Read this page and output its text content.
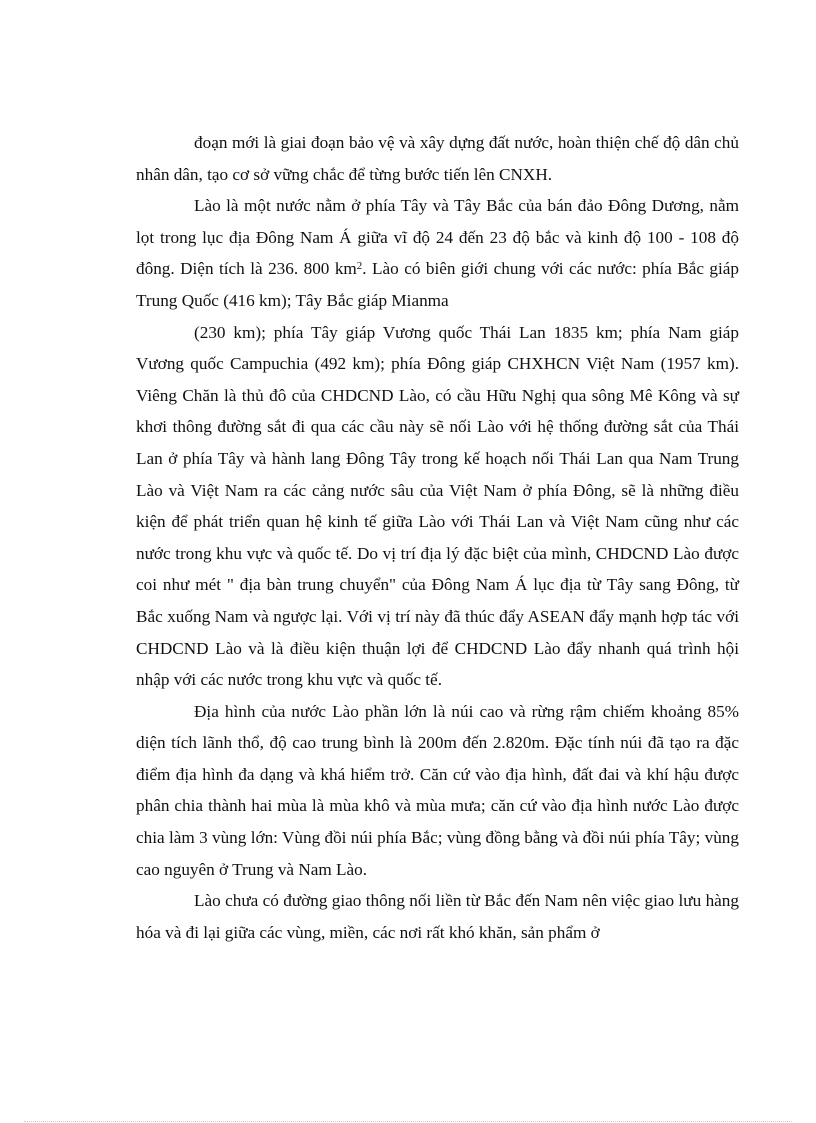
đoạn mới là giai đoạn bảo vệ và xây dựng đất nước, hoàn thiện chế độ dân chủ nhân dân, tạo cơ sở vững chắc để từng bước tiến lên CNXH.

Lào là một nước nằm ở phía Tây và Tây Bắc của bán đảo Đông Dương, nằm lọt trong lục địa Đông Nam Á giữa vĩ độ 24 đến 23 độ bắc và kinh độ 100 - 108 độ đông. Diện tích là 236. 800 $km^2$. Lào có biên giới chung với các nước: phía Bắc giáp Trung Quốc (416 km); Tây Bắc giáp Mianma

(230 km); phía Tây giáp Vương quốc Thái Lan 1835 km; phía Nam giáp Vương quốc Campuchia (492 km); phía Đông giáp CHXHCN Việt Nam (1957 km). Viêng Chăn là thủ đô của CHDCND Lào, có cầu Hữu Nghị qua sông Mê Kông và sự khơi thông đường sắt đi qua các cầu này sẽ nối Lào với hệ thống đường sắt của Thái Lan ở phía Tây và hành lang Đông Tây trong kế hoạch nối Thái Lan qua Nam Trung Lào và Việt Nam ra các cảng nước sâu của Việt Nam ở phía Đông, sẽ là những điều kiện để phát triển quan hệ kinh tế giữa Lào với Thái Lan và Việt Nam cũng như các nước trong khu vực và quốc tế. Do vị trí địa lý đặc biệt của mình, CHDCND Lào được coi như mét " địa bàn trung chuyển" của Đông Nam Á lục địa từ Tây sang Đông, từ Bắc xuống Nam và ngược lại. Với vị trí này đã thúc đẩy ASEAN đẩy mạnh hợp tác với CHDCND Lào và là điều kiện thuận lợi để CHDCND Lào đẩy nhanh quá trình hội nhập với các nước trong khu vực và quốc tế.

Địa hình của nước Lào phần lớn là núi cao và rừng rậm chiếm khoảng 85% diện tích lãnh thổ, độ cao trung bình là 200m đến 2.820m. Đặc tính núi đã tạo ra đặc điểm địa hình đa dạng và khá hiểm trở. Căn cứ vào địa hình, đất đai và khí hậu được phân chia thành hai mùa là mùa khô và mùa mưa; căn cứ vào địa hình nước Lào được chia làm 3 vùng lớn: Vùng đồi núi phía Bắc; vùng đồng bằng và đồi núi phía Tây; vùng cao nguyên ở Trung và Nam Lào.

Lào chưa có đường giao thông nối liền từ Bắc đến Nam nên việc giao lưu hàng hóa và đi lại giữa các vùng, miền, các nơi rất khó khăn, sản phẩm ở
